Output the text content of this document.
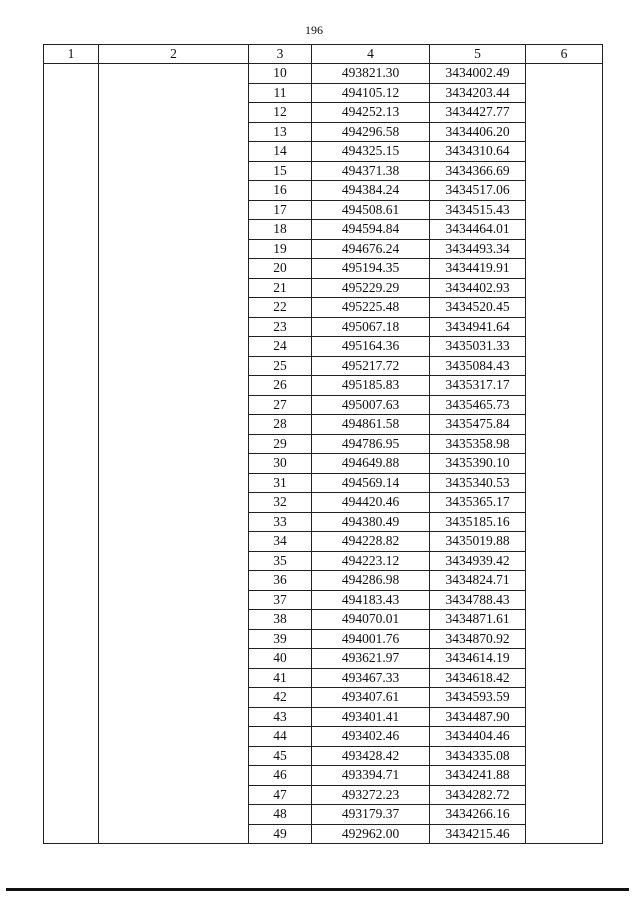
196
1	2	3	4	5	6
		10	493821.30	3434002.49	
		11	494105.12	3434203.44	
		12	494252.13	3434427.77	
		13	494296.58	3434406.20	
		14	494325.15	3434310.64	
		15	494371.38	3434366.69	
		16	494384.24	3434517.06	
		17	494508.61	3434515.43	
		18	494594.84	3434464.01	
		19	494676.24	3434493.34	
		20	495194.35	3434419.91	
		21	495229.29	3434402.93	
		22	495225.48	3434520.45	
		23	495067.18	3434941.64	
		24	495164.36	3435031.33	
		25	495217.72	3435084.43	
		26	495185.83	3435317.17	
		27	495007.63	3435465.73	
		28	494861.58	3435475.84	
		29	494786.95	3435358.98	
		30	494649.88	3435390.10	
		31	494569.14	3435340.53	
		32	494420.46	3435365.17	
		33	494380.49	3435185.16	
		34	494228.82	3435019.88	
		35	494223.12	3434939.42	
		36	494286.98	3434824.71	
		37	494183.43	3434788.43	
		38	494070.01	3434871.61	
		39	494001.76	3434870.92	
		40	493621.97	3434614.19	
		41	493467.33	3434618.42	
		42	493407.61	3434593.59	
		43	493401.41	3434487.90	
		44	493402.46	3434404.46	
		45	493428.42	3434335.08	
		46	493394.71	3434241.88	
		47	493272.23	3434282.72	
		48	493179.37	3434266.16	
		49	492962.00	3434215.46	
